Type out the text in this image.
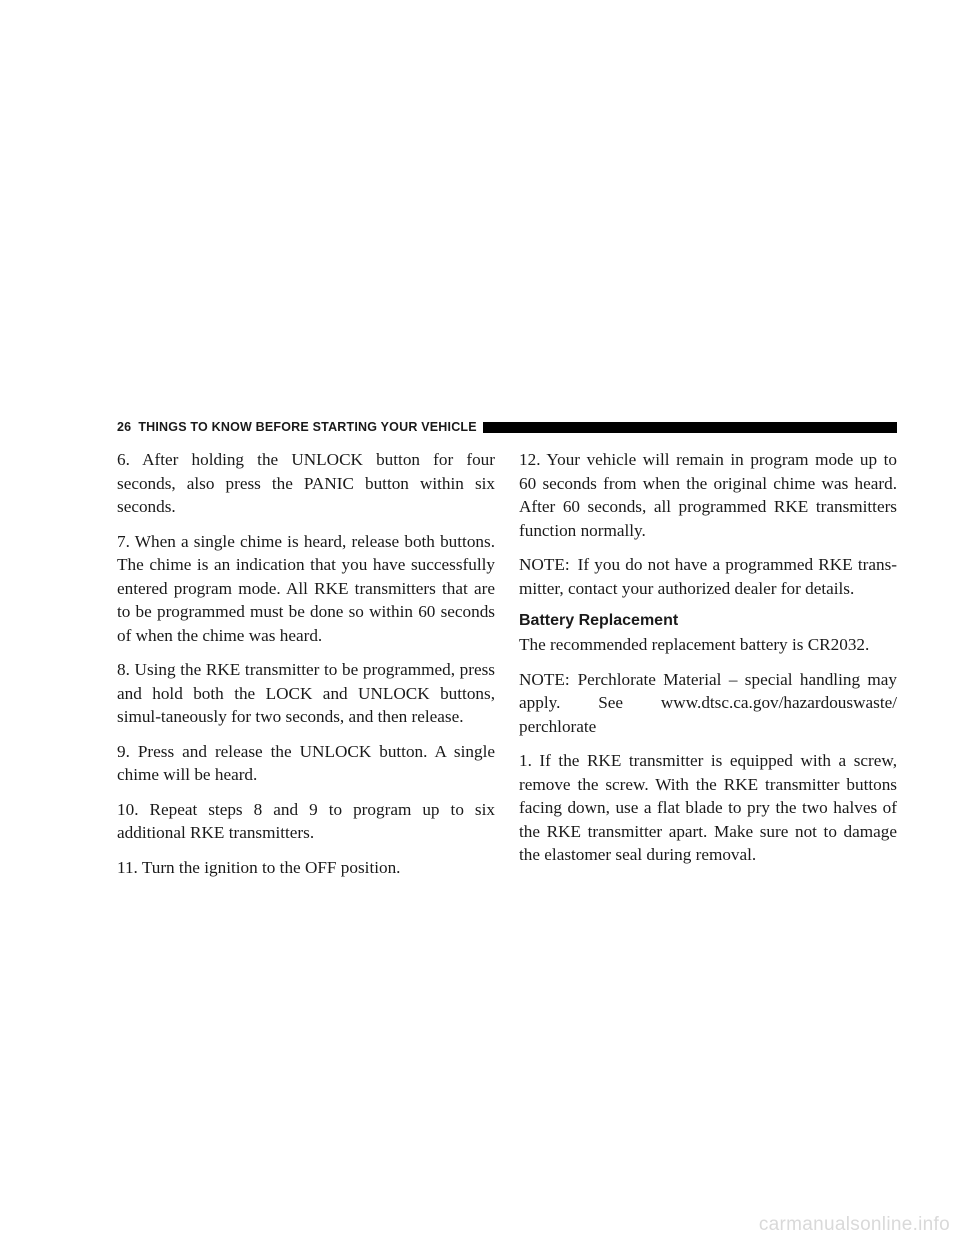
26 THINGS TO KNOW BEFORE STARTING YOUR VEHICLE

6. After holding the UNLOCK button for four seconds, also press the PANIC button within six seconds.

7. When a single chime is heard, release both buttons. The chime is an indication that you have successfully entered program mode. All RKE transmitters that are to be programmed must be done so within 60 seconds of when the chime was heard.

8. Using the RKE transmitter to be programmed, press and hold both the LOCK and UNLOCK buttons, simul-taneously for two seconds, and then release.

9. Press and release the UNLOCK button. A single chime will be heard.

10. Repeat steps 8 and 9 to program up to six additional RKE transmitters.

11. Turn the ignition to the OFF position.

12. Your vehicle will remain in program mode up to 60 seconds from when the original chime was heard. After 60 seconds, all programmed RKE transmitters function normally.

NOTE: If you do not have a programmed RKE trans-mitter, contact your authorized dealer for details.

Battery Replacement

The recommended replacement battery is CR2032.

NOTE: Perchlorate Material – special handling may apply. See www.dtsc.ca.gov/hazardouswaste/ perchlorate

1. If the RKE transmitter is equipped with a screw, remove the screw. With the RKE transmitter buttons facing down, use a flat blade to pry the two halves of the RKE transmitter apart. Make sure not to damage the elastomer seal during removal.

carmanualsonline.info
